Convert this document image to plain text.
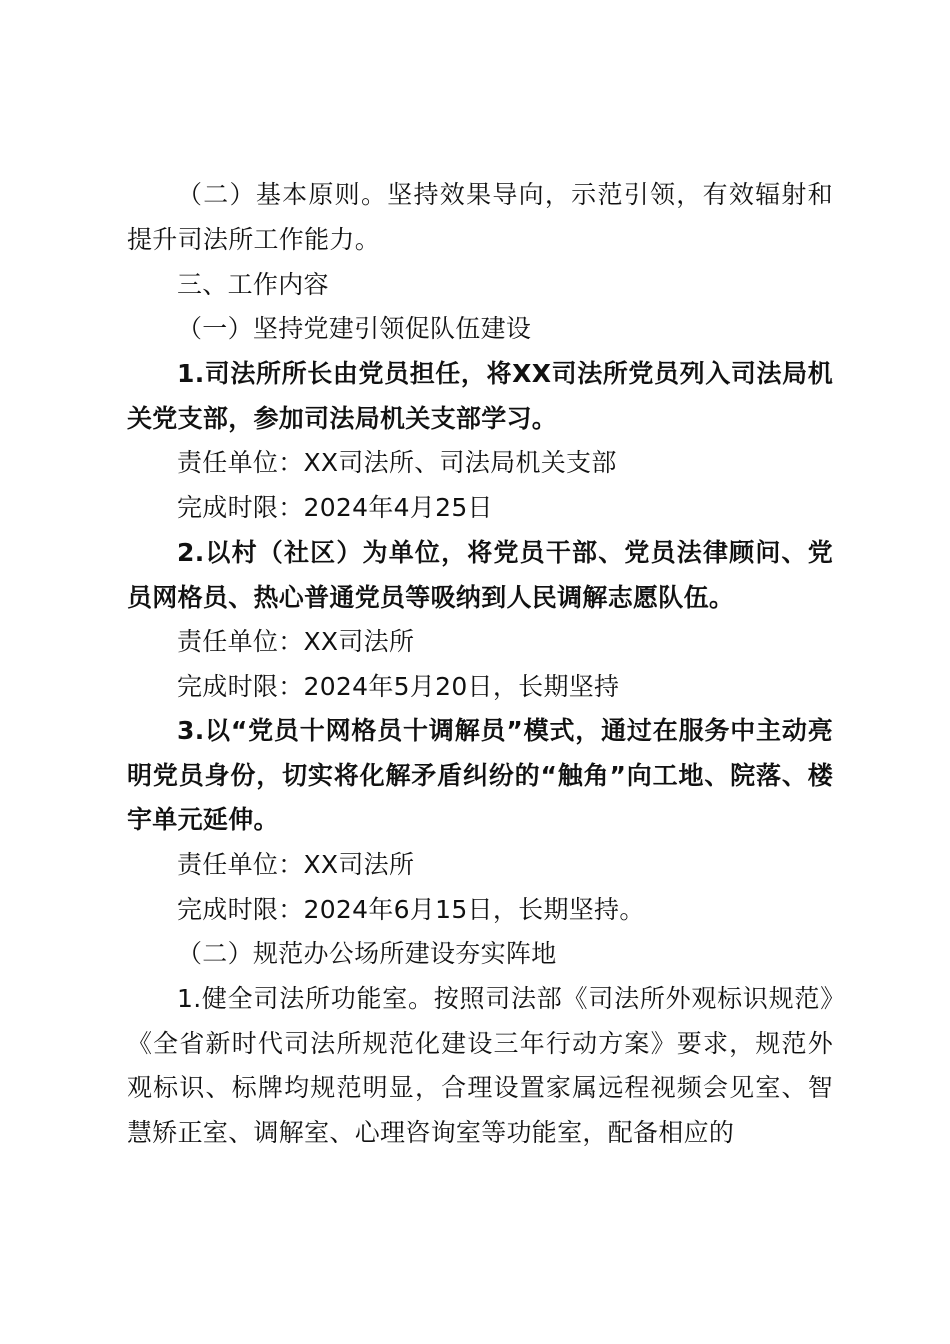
（二）基本原则。坚持效果导向，示范引领，有效辐射和提升司法所工作能力。
三、工作内容
（一）坚持党建引领促队伍建设
1.司法所所长由党员担任，将XX司法所党员列入司法局机关党支部，参加司法局机关支部学习。
责任单位：XX司法所、司法局机关支部
完成时限：2024年4月25日
2.以村（社区）为单位，将党员干部、党员法律顾问、党员网格员、热心普通党员等吸纳到人民调解志愿队伍。
责任单位：XX司法所
完成时限：2024年5月20日，长期坚持
3.以“党员十网格员十调解员”模式，通过在服务中主动亮明党员身份，切实将化解矛盾纠纷的“触角”向工地、院落、楼宇单元延伸。
责任单位：XX司法所
完成时限：2024年6月15日，长期坚持。
（二）规范办公场所建设夯实阵地
1.健全司法所功能室。按照司法部《司法所外观标识规范》《全省新时代司法所规范化建设三年行动方案》要求，规范外观标识、标牌均规范明显，合理设置家属远程视频会见室、智慧矫正室、调解室、心理咨询室等功能室，配备相应的
